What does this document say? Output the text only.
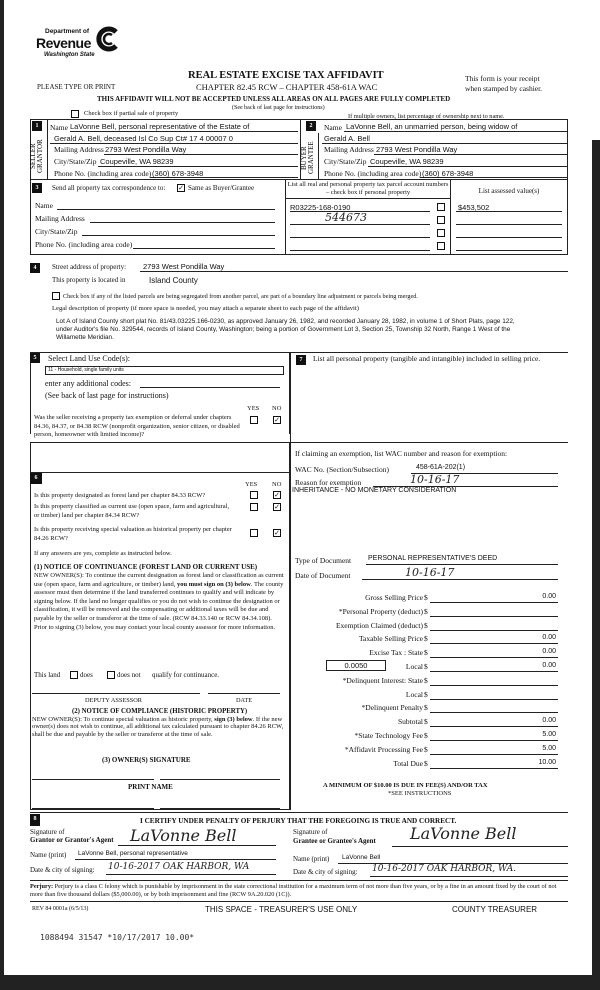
Department of
Revenue
Washington State
PLEASE TYPE OR PRINT
REAL ESTATE EXCISE TAX AFFIDAVIT
CHAPTER 82.45 RCW – CHAPTER 458-61A WAC
THIS AFFIDAVIT WILL NOT BE ACCEPTED UNLESS ALL AREAS ON ALL PAGES ARE FULLY COMPLETED
(See back of last page for instructions)
This form is your receipt
when stamped by cashier.
Check box if partial sale of property	If multiple owners, list percentage of ownership next to name.
1
SELLER GRANTOR
Name LaVonne Bell, personal representative of the Estate of
Gerald A. Bell, deceased Isl Co Sup Ct# 17 4 00007 0
Mailing Address 2793 West Pondilla Way
City/State/Zip Coupeville, WA 98239
Phone No. (including area code) (360) 678-3948
2
BUYER GRANTEE
Name LaVonne Bell, an unmarried person, being widow of
Gerald A. Bell
Mailing Address 2793 West Pondilla Way
City/State/Zip Coupeville, WA 98239
Phone No. (including area code) (360) 678-3948
3	Send all property tax correspondence to: ✓ Same as Buyer/Grantee
Name
Mailing Address
City/State/Zip
Phone No. (including area code)
List all real and personal property tax parcel account numbers – check box if personal property	List assessed value(s)
R03225-168-0190
544673
$453,502
4	Street address of property: 2793 West Pondilla Way
This property is located in	Island County
Check box if any of the listed parcels are being segregated from another parcel, are part of a boundary line adjustment or parcels being merged.
Legal description of property (if more space is needed, you may attach a separate sheet to each page of the affidavit)
Lot A of Island County short plat No. 81/43.03225.166-0230, as approved January 26, 1982, and recorded January 28, 1982, in volume 1 of Short Plats, page 122, under Auditor's file No. 329544, records of Island County, Washington; being a portion of Government Lot 3, Section 25, Township 32 North, Range 1 West of the Willamette Meridian.
5	Select Land Use Code(s):
11 - Household, single family units
enter any additional codes:
(See back of last page for instructions)
YES NO
Was the seller receiving a property tax exemption or deferral under chapters 84.36, 84.37, or 84.38 RCW (nonprofit organization, senior citizen, or disabled person, homeowner with limited income)?
✓
7	List all personal property (tangible and intangible) included in selling price.
6
YES NO
Is this property designated as forest land per chapter 84.33 RCW?	✓
Is this property classified as current use (open space, farm and agricultural, or timber) land per chapter 84.34 RCW?
✓
Is this property receiving special valuation as historical property per chapter 84.26 RCW?
✓
If any answers are yes, complete as instructed below.
(1) NOTICE OF CONTINUANCE (FOREST LAND OR CURRENT USE)
NEW OWNER(S): To continue the current designation as forest land or classification as current use (open space, farm and agriculture, or timber) land, you must sign on (3) below. The county assessor must then determine if the land transferred continues to qualify and will indicate by signing below. If the land no longer qualifies or you do not wish to continue the designation or classification, it will be removed and the compensating or additional taxes will be due and payable by the seller or transferor at the time of sale. (RCW 84.33.140 or RCW 84.34.108). Prior to signing (3) below, you may contact your local county assessor for more information.
This land	does	does not qualify for continuance.
DEPUTY ASSESSOR	DATE
(2) NOTICE OF COMPLIANCE (HISTORIC PROPERTY)
NEW OWNER(S): To continue special valuation as historic property, sign (3) below. If the new owner(s) does not wish to continue, all additional tax calculated pursuant to chapter 84.26 RCW, shall be due and payable by the seller or transferor at the time of sale.
(3) OWNER(S) SIGNATURE
PRINT NAME
If claiming an exemption, list WAC number and reason for exemption:
WAC No. (Section/Subsection)	458-61A-202(1)
Reason for exemption	10-16-17
INHERITANCE - NO MONETARY CONSIDERATION
Type of Document PERSONAL REPRESENTATIVE'S DEED
Date of Document	10-16-17
Gross Selling Price $	0.00
*Personal Property (deduct) $
Exemption Claimed (deduct) $
Taxable Selling Price $	0.00
Excise Tax : State $	0.00
Local $	0.00
*Delinquent Interest: State $
Local $
*Delinquent Penalty $
Subtotal $	0.00
*State Technology Fee $	5.00
*Affidavit Processing Fee $	5.00
Total Due $	10.00
0.0050
A MINIMUM OF $10.00 IS DUE IN FEE(S) AND/OR TAX
*SEE INSTRUCTIONS
8	I CERTIFY UNDER PENALTY OF PERJURY THAT THE FOREGOING IS TRUE AND CORRECT.
Signature of
Grantor or Grantor's Agent LaVonne Bell
Name (print) LaVonne Bell, personal representative
Date & city of signing: 10-16-2017 OAK HARBOR, WA
Signature of
Grantee or Grantee's Agent LaVonne Bell
Name (print) LaVonne Bell
Date & city of signing: 10-16-2017 OAK HARBOR, WA.
Perjury: Perjury is a class C felony which is punishable by imprisonment in the state correctional institution for a maximum term of not more than five years, or by a fine in an amount fixed by the court of not more than five thousand dollars ($5,000.00), or by both imprisonment and fine (RCW 9A.20.020 (1C)).
REV 84 0001a (6/5/13)	THIS SPACE - TREASURER'S USE ONLY	COUNTY TREASURER
1088494 31547 *10/17/2017 10.00*
